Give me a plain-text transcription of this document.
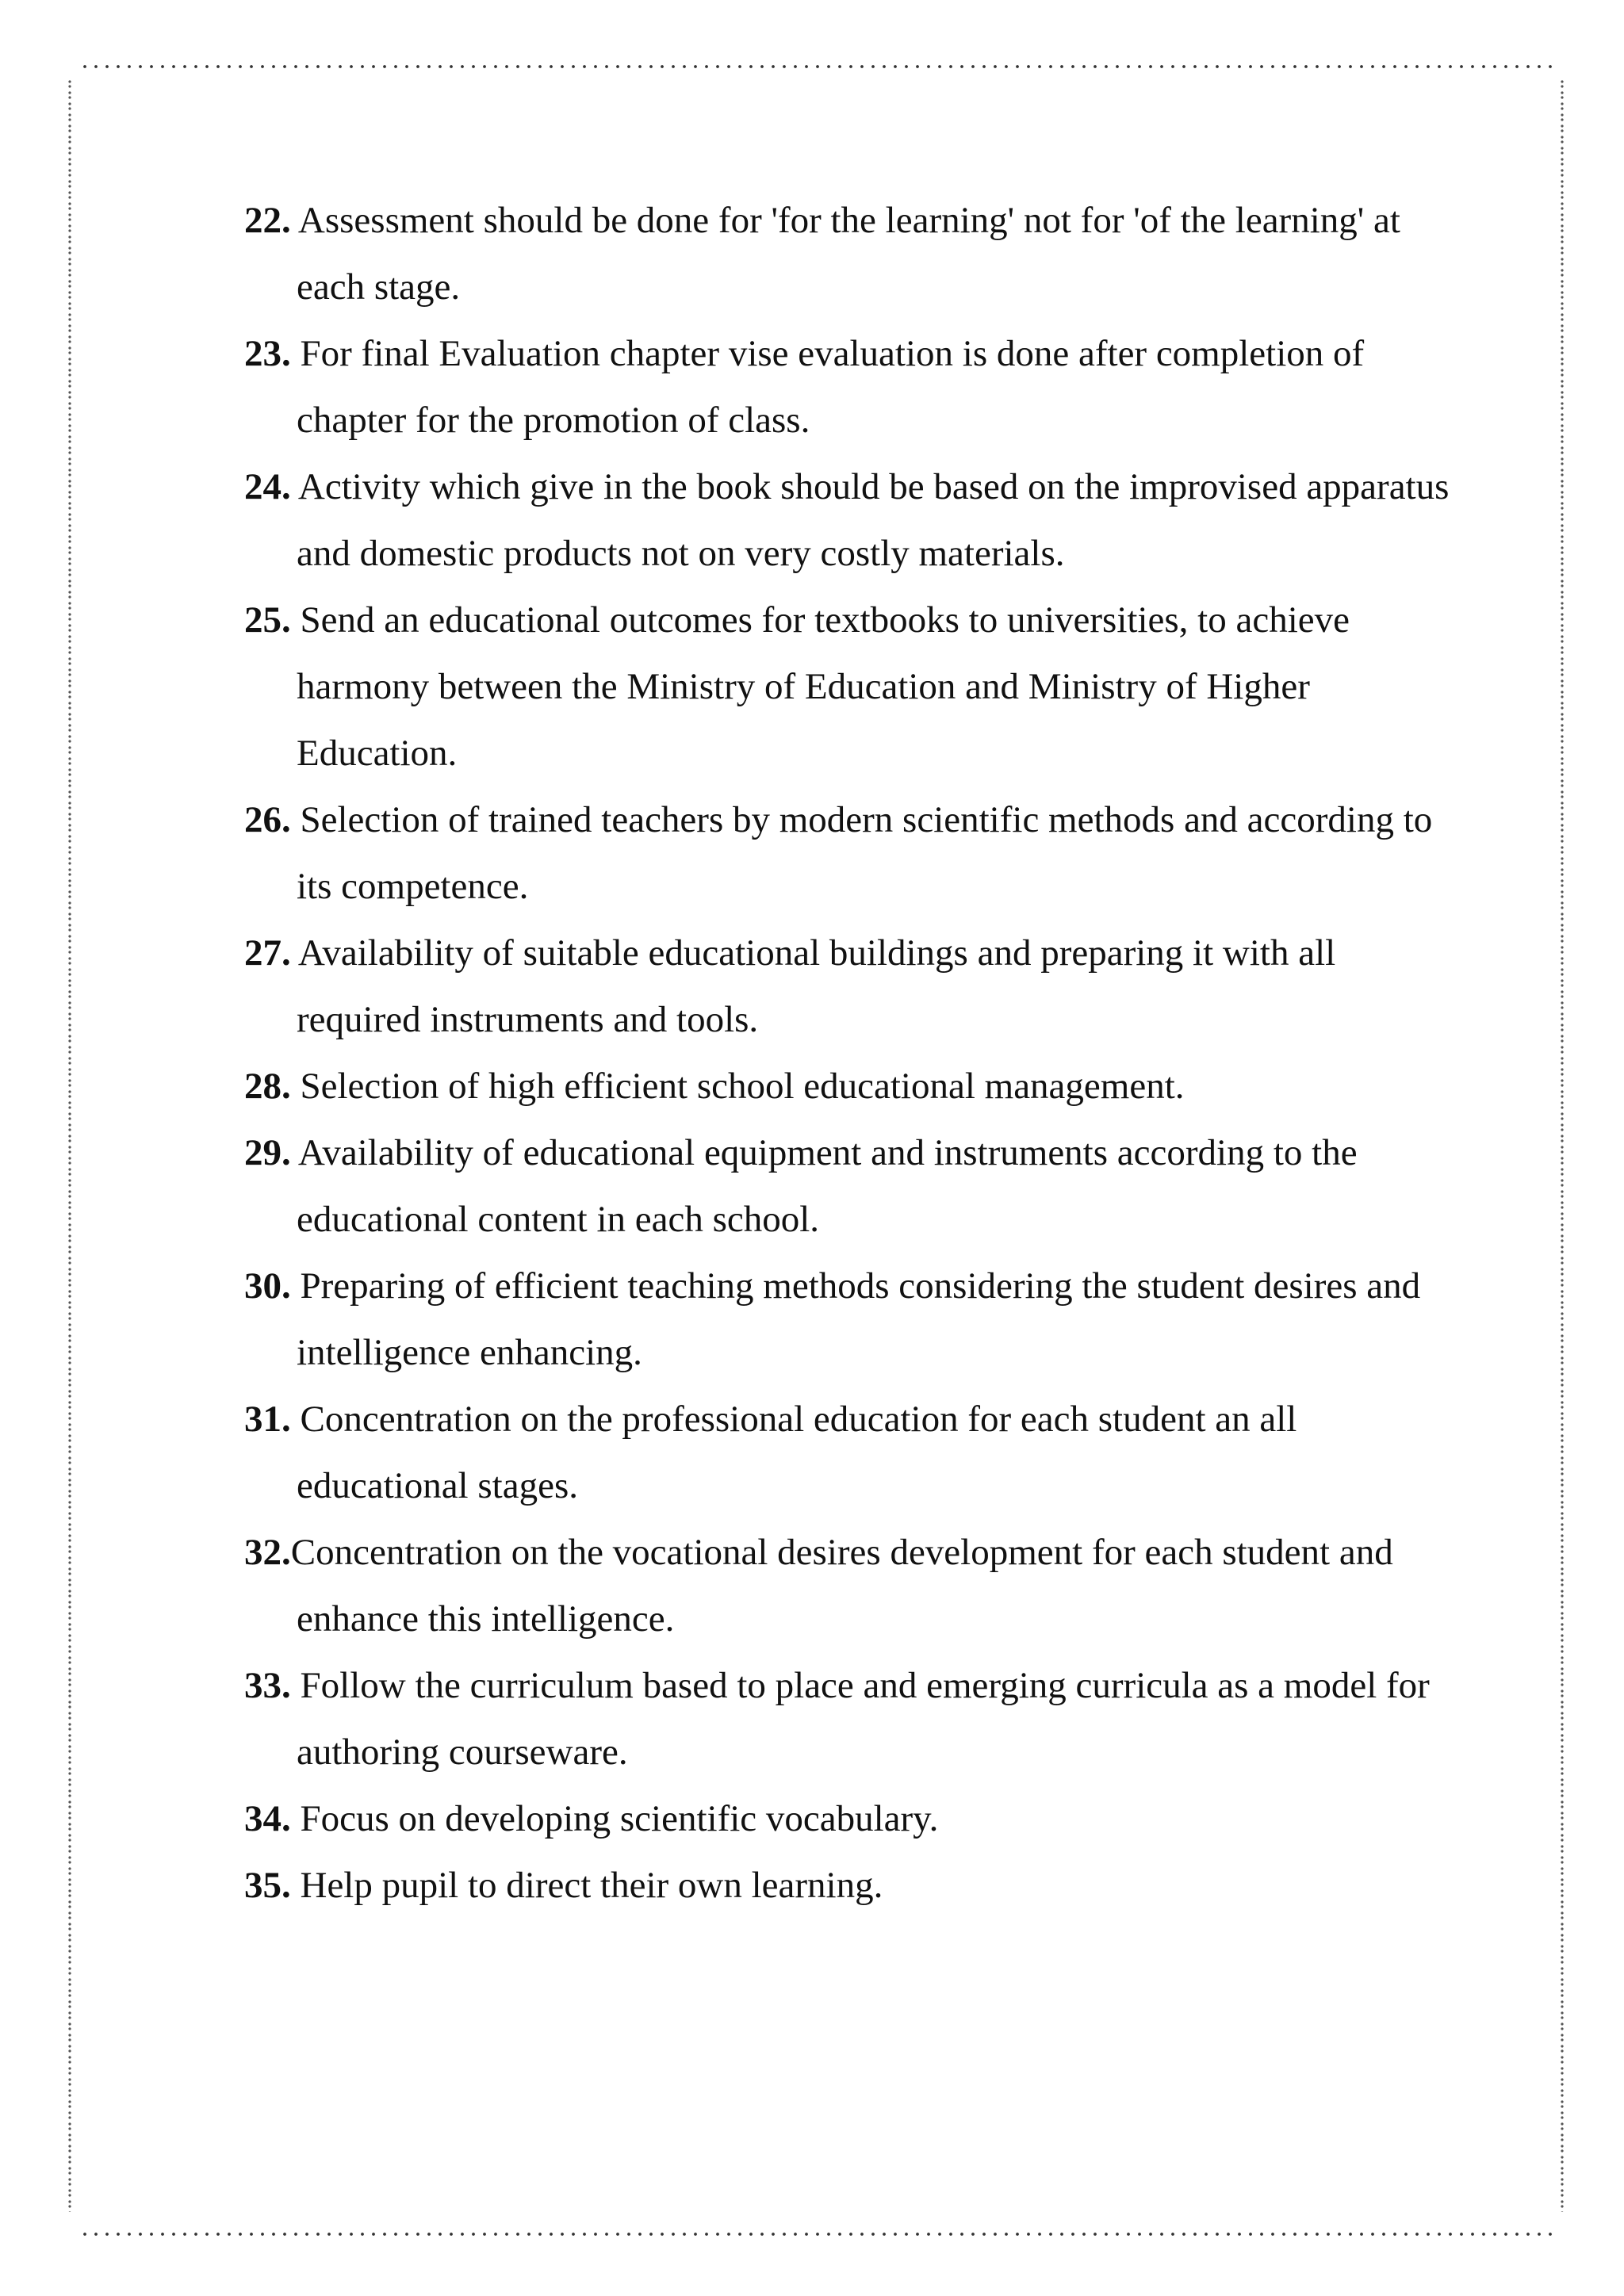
22. Assessment should be done for 'for the learning' not for 'of the learning' at each stage.

23. For final Evaluation chapter vise evaluation is done after completion of chapter for the promotion of class.

24. Activity which give in the book should be based on the improvised apparatus and domestic products not on very costly materials.

25. Send an educational outcomes for textbooks to universities, to achieve harmony between the Ministry of Education and Ministry of Higher Education.

26. Selection of trained teachers by modern scientific methods and according to its competence.

27. Availability of suitable educational buildings and preparing it with all required instruments and tools.

28. Selection of high efficient school educational management.

29. Availability of educational equipment and instruments according to the educational content in each school.

30. Preparing of efficient teaching methods considering the student desires and intelligence enhancing.

31. Concentration on the professional education for each student an all educational stages.

32.Concentration on the vocational desires development for each student and enhance this intelligence.

33. Follow the curriculum based to place and emerging curricula as a model for authoring courseware.

34. Focus on developing scientific vocabulary.

35. Help pupil to direct their own learning.
